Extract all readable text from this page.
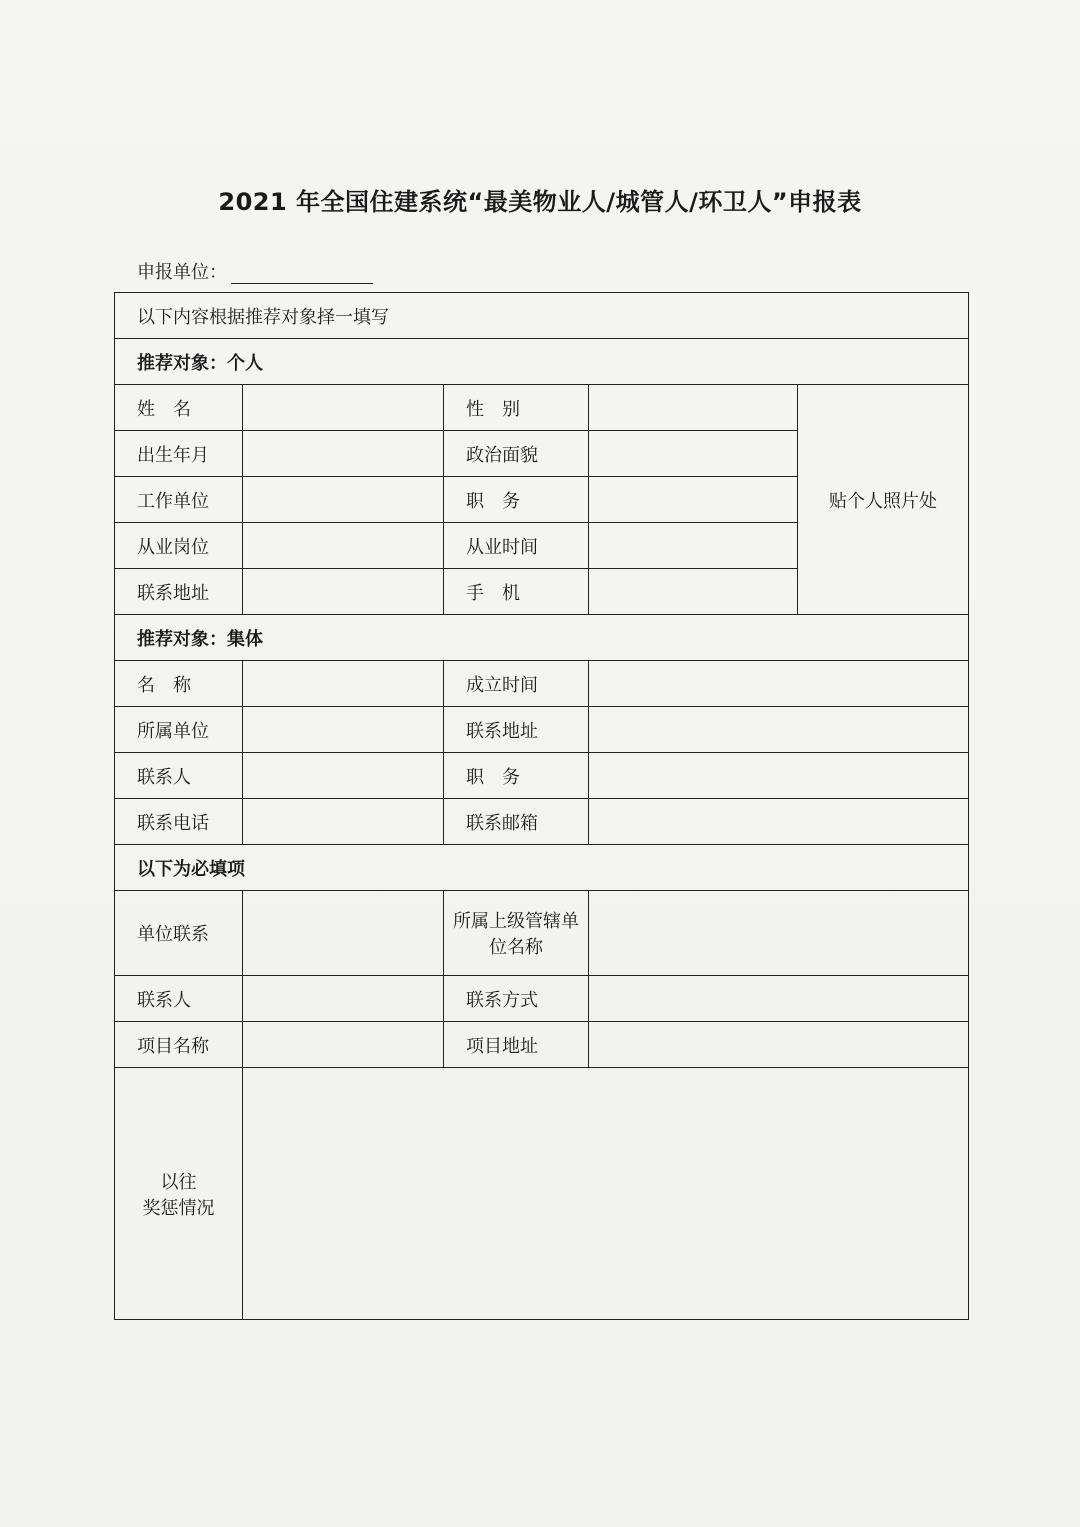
2021 年全国住建系统“最美物业人/城管人/环卫人”申报表
申报单位：
以下内容根据推荐对象择一填写				
推荐对象：个人				
姓　名		性　别		贴个人照片处
出生年月		政治面貌		
工作单位		职　务		
从业岗位		从业时间		
联系地址		手　机		
推荐对象：集体				
名　称		成立时间		
所属单位		联系地址		
联系人		职　务		
联系电话		联系邮箱		
以下为必填项				
单位联系		所属上级管辖单
位名称		

联系人		联系方式		
项目名称		项目地址		

以往
奖惩情况				
